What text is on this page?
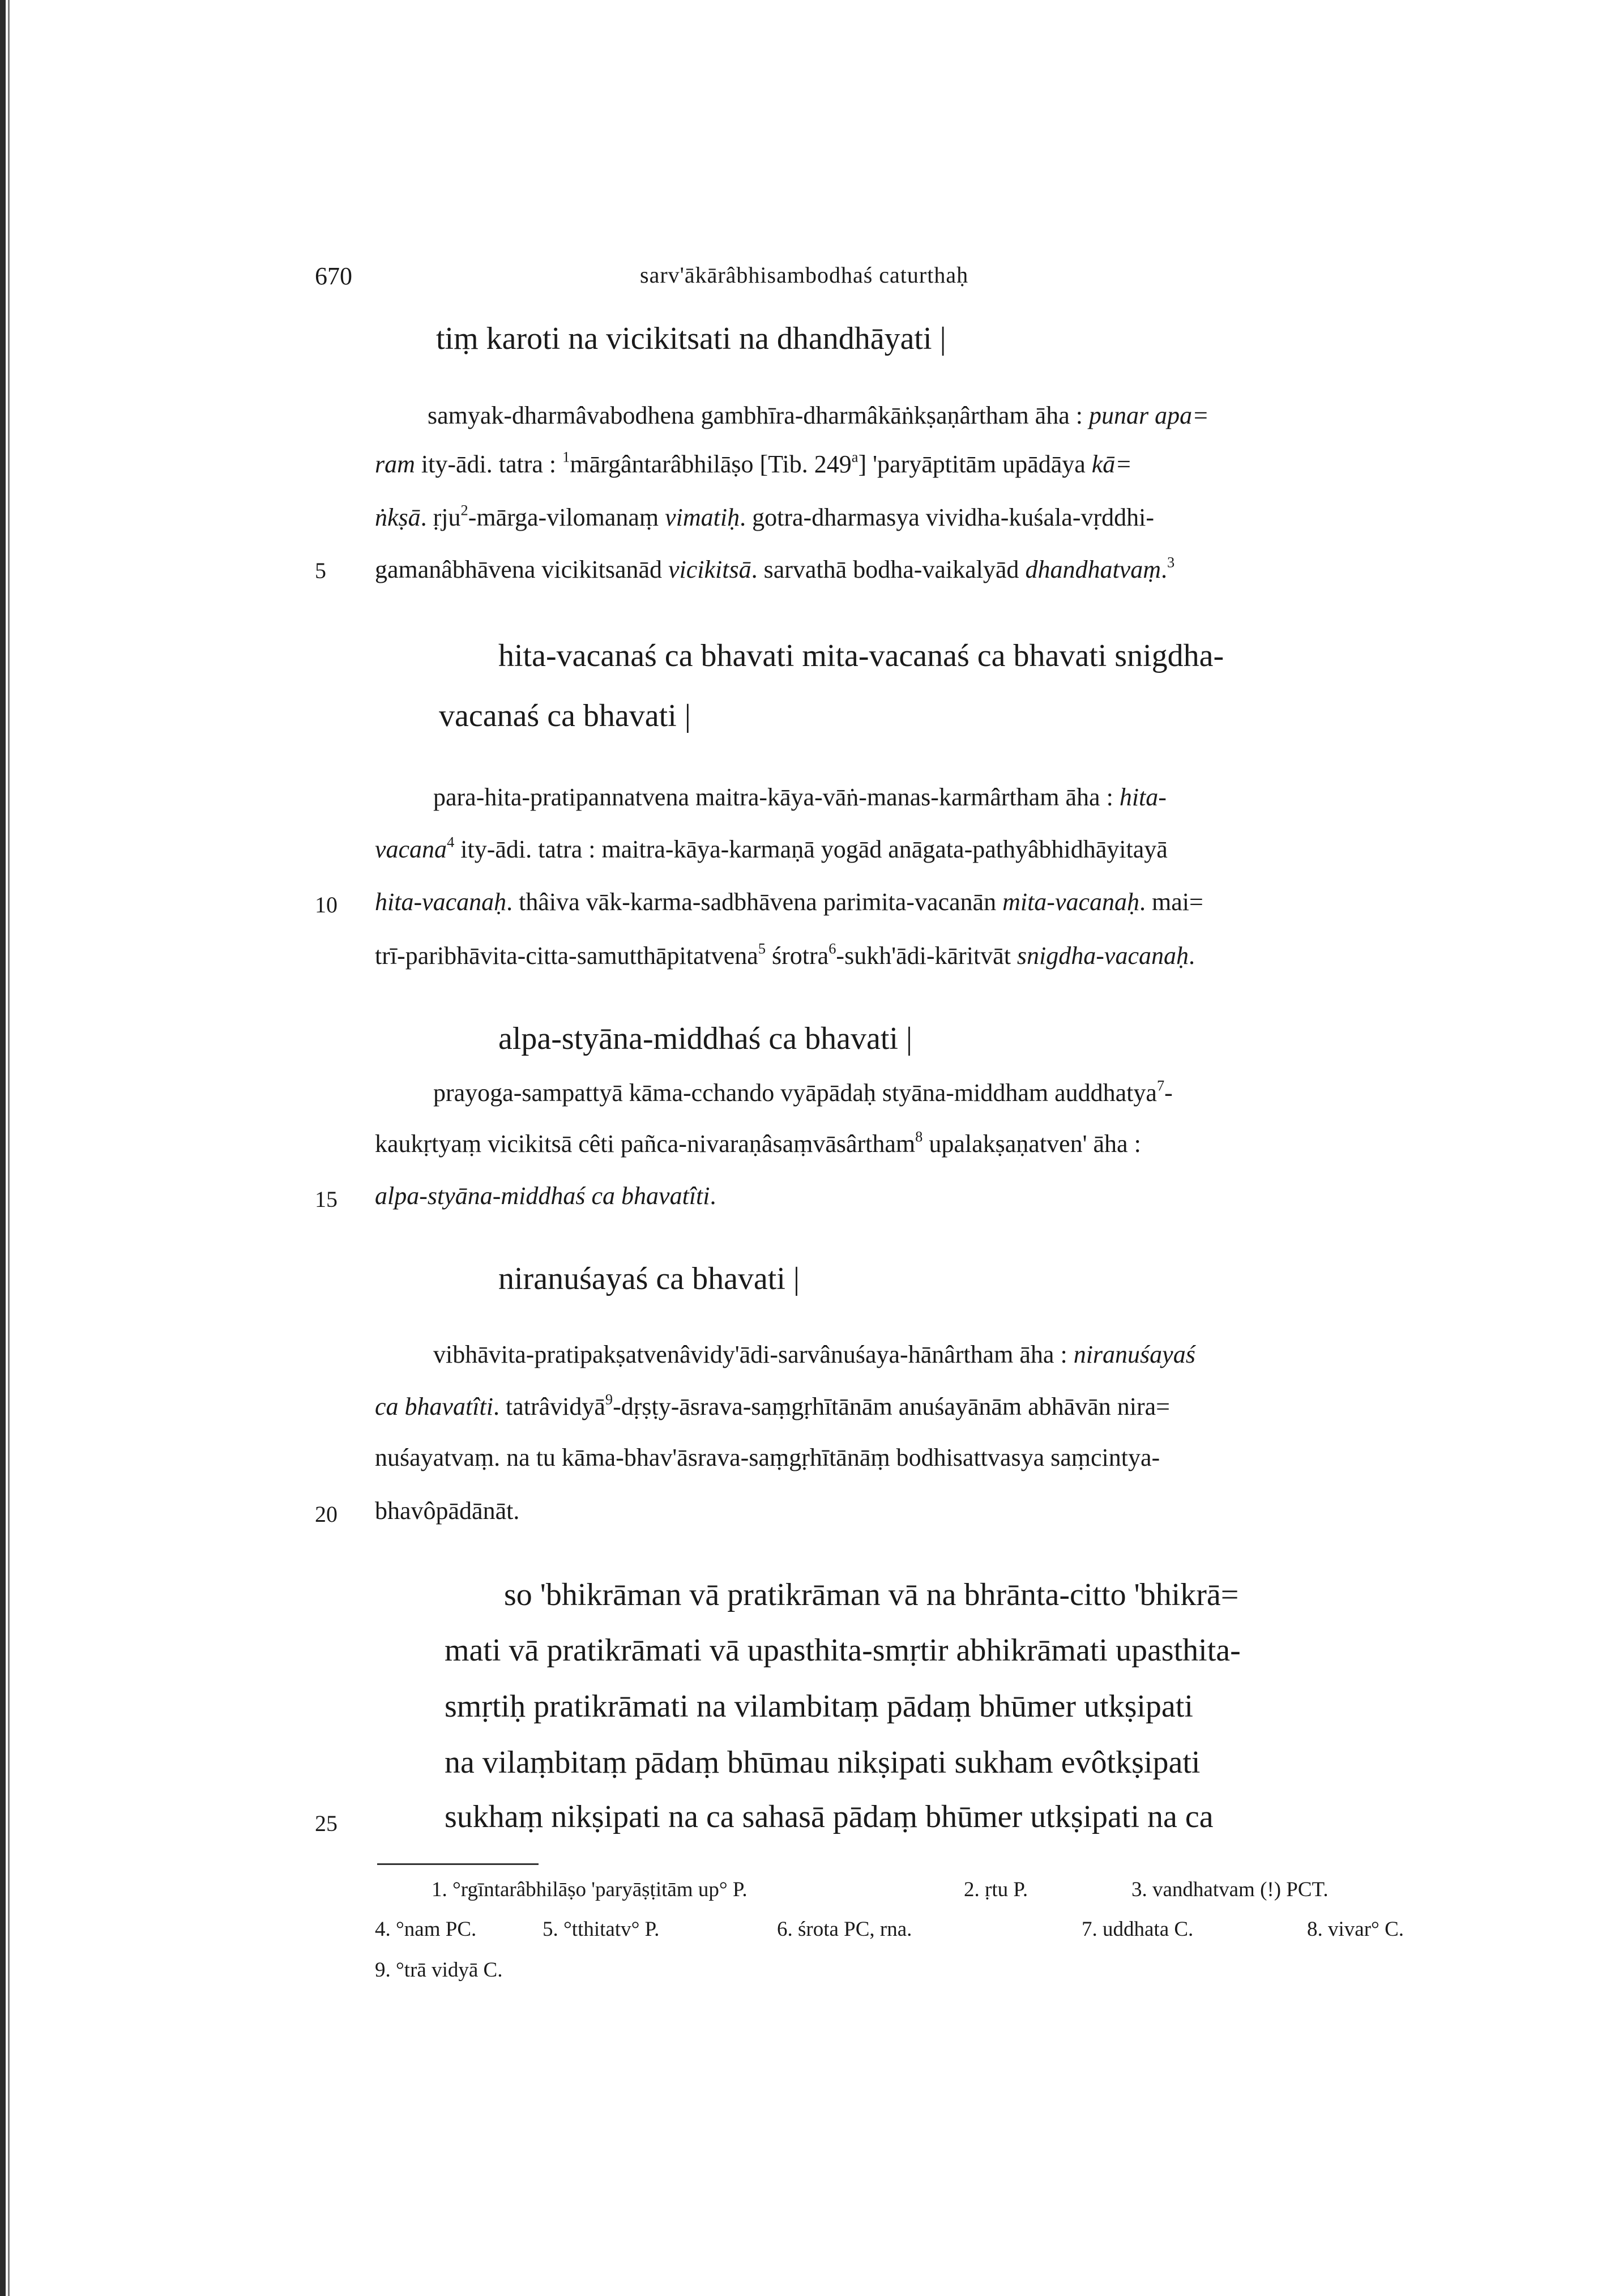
670	sarv'ākārâbhisambodhaś caturthaḥ
tiṃ karoti na vicikitsati na dhandhāyati |
samyak-dharmâvabodhena gambhīra-dharmâkāṅkṣaṇârtham āha : punar apa=
ram ity-ādi. tatra : $^1$mārgântarâbhilāṣo [Tib. 249$^a$] 'paryāptitām upādāya kā=
ṅkṣā. ṛju$^2$-mārga-vilomanaṃ vimatiḥ. gotra-dharmasya vividha-kuśala-vṛddhi-
gamanâbhāvena vicikitsanād vicikitsā. sarvathā bodha-vaikalyād dhandhatvaṃ.$^3$
5
hita-vacanaś ca bhavati mita-vacanaś ca bhavati snigdha-
vacanaś ca bhavati |
para-hita-pratipannatvena maitra-kāya-vāṅ-manas-karmârtham āha : hita-
vacana$^4$ ity-ādi. tatra : maitra-kāya-karmaṇā yogād anāgata-pathyâbhidhāyitayā
hita-vacanaḥ. thâiva vāk-karma-sadbhāvena parimita-vacanān mita-vacanaḥ. mai=
10
trī-paribhāvita-citta-samutthāpitatvena$^5$ śrotra$^6$-sukh'ādi-kāritvāt snigdha-vacanaḥ.
alpa-styāna-middhaś ca bhavati |
prayoga-sampattyā kāma-cchando vyāpādaḥ styāna-middham auddhatya$^7$-
kaukṛtyaṃ vicikitsā cêti pañca-nivaraṇâsaṃvāsârtham$^8$ upalakṣaṇatven' āha :
alpa-styāna-middhaś ca bhavatîti.
15
niranuśayaś ca bhavati |
vibhāvita-pratipakṣatvenâvidy'ādi-sarvânuśaya-hānârtham āha : niranuśayaś
ca bhavatîti. tatrâvidyā$^9$-dṛṣṭy-āsrava-saṃgṛhītānām anuśayānām abhāvān nira=
nuśayatvaṃ. na tu kāma-bhav'āsrava-saṃgṛhītānāṃ bodhisattvasya saṃcintya-
bhavôpādānāt.
20
so 'bhikrāman vā pratikrāman vā na bhrānta-citto 'bhikrā=
mati vā pratikrāmati vā upasthita-smṛtir abhikrāmati upasthita-
smṛtiḥ pratikrāmati na vilambitaṃ pādaṃ bhūmer utkṣipati
na vilaṃbitaṃ pādaṃ bhūmau nikṣipati sukham evôtkṣipati
sukhaṃ nikṣipati na ca sahasā pādaṃ bhūmer utkṣipati na ca
25
1. °rgīntarâbhilāṣo 'paryāṣṭitām up° P.	2. ṛtu P.	3. vandhatvam (!) PCT.
4. °nam PC.	5. °tthitatv° P.	6. śrota PC, rna.	7. uddhata C.	8. vivar° C.
9. °trā vidyā C.
